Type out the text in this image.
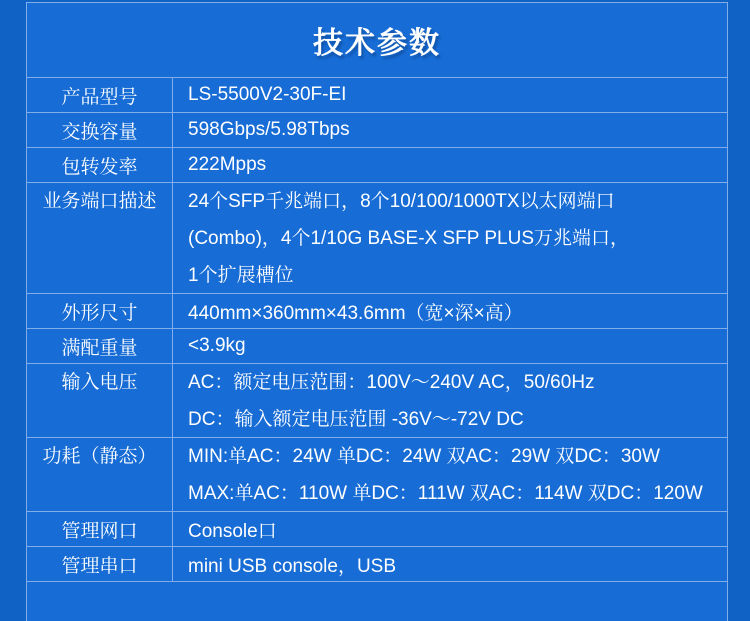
技术参数
产品型号	LS-5500V2-30F-EI
交换容量	598Gbps/5.98Tbps
包转发率	222Mpps
业务端口描述	24个SFP千兆端口，8个10/100/1000TX以太网端口
(Combo)，4个1/10G BASE-X SFP PLUS万兆端口，
1个扩展槽位
外形尺寸	440mm×360mm×43.6mm（宽×深×高）
满配重量	<3.9kg
输入电压	AC：额定电压范围：100V～240V AC，50/60Hz
DC：输入额定电压范围 -36V～-72V DC
功耗（静态）	MIN:单AC：24W 单DC：24W 双AC：29W 双DC：30W
MAX:单AC：110W 单DC：111W 双AC：114W 双DC：120W
管理网口	Console口
管理串口	mini USB console，USB
